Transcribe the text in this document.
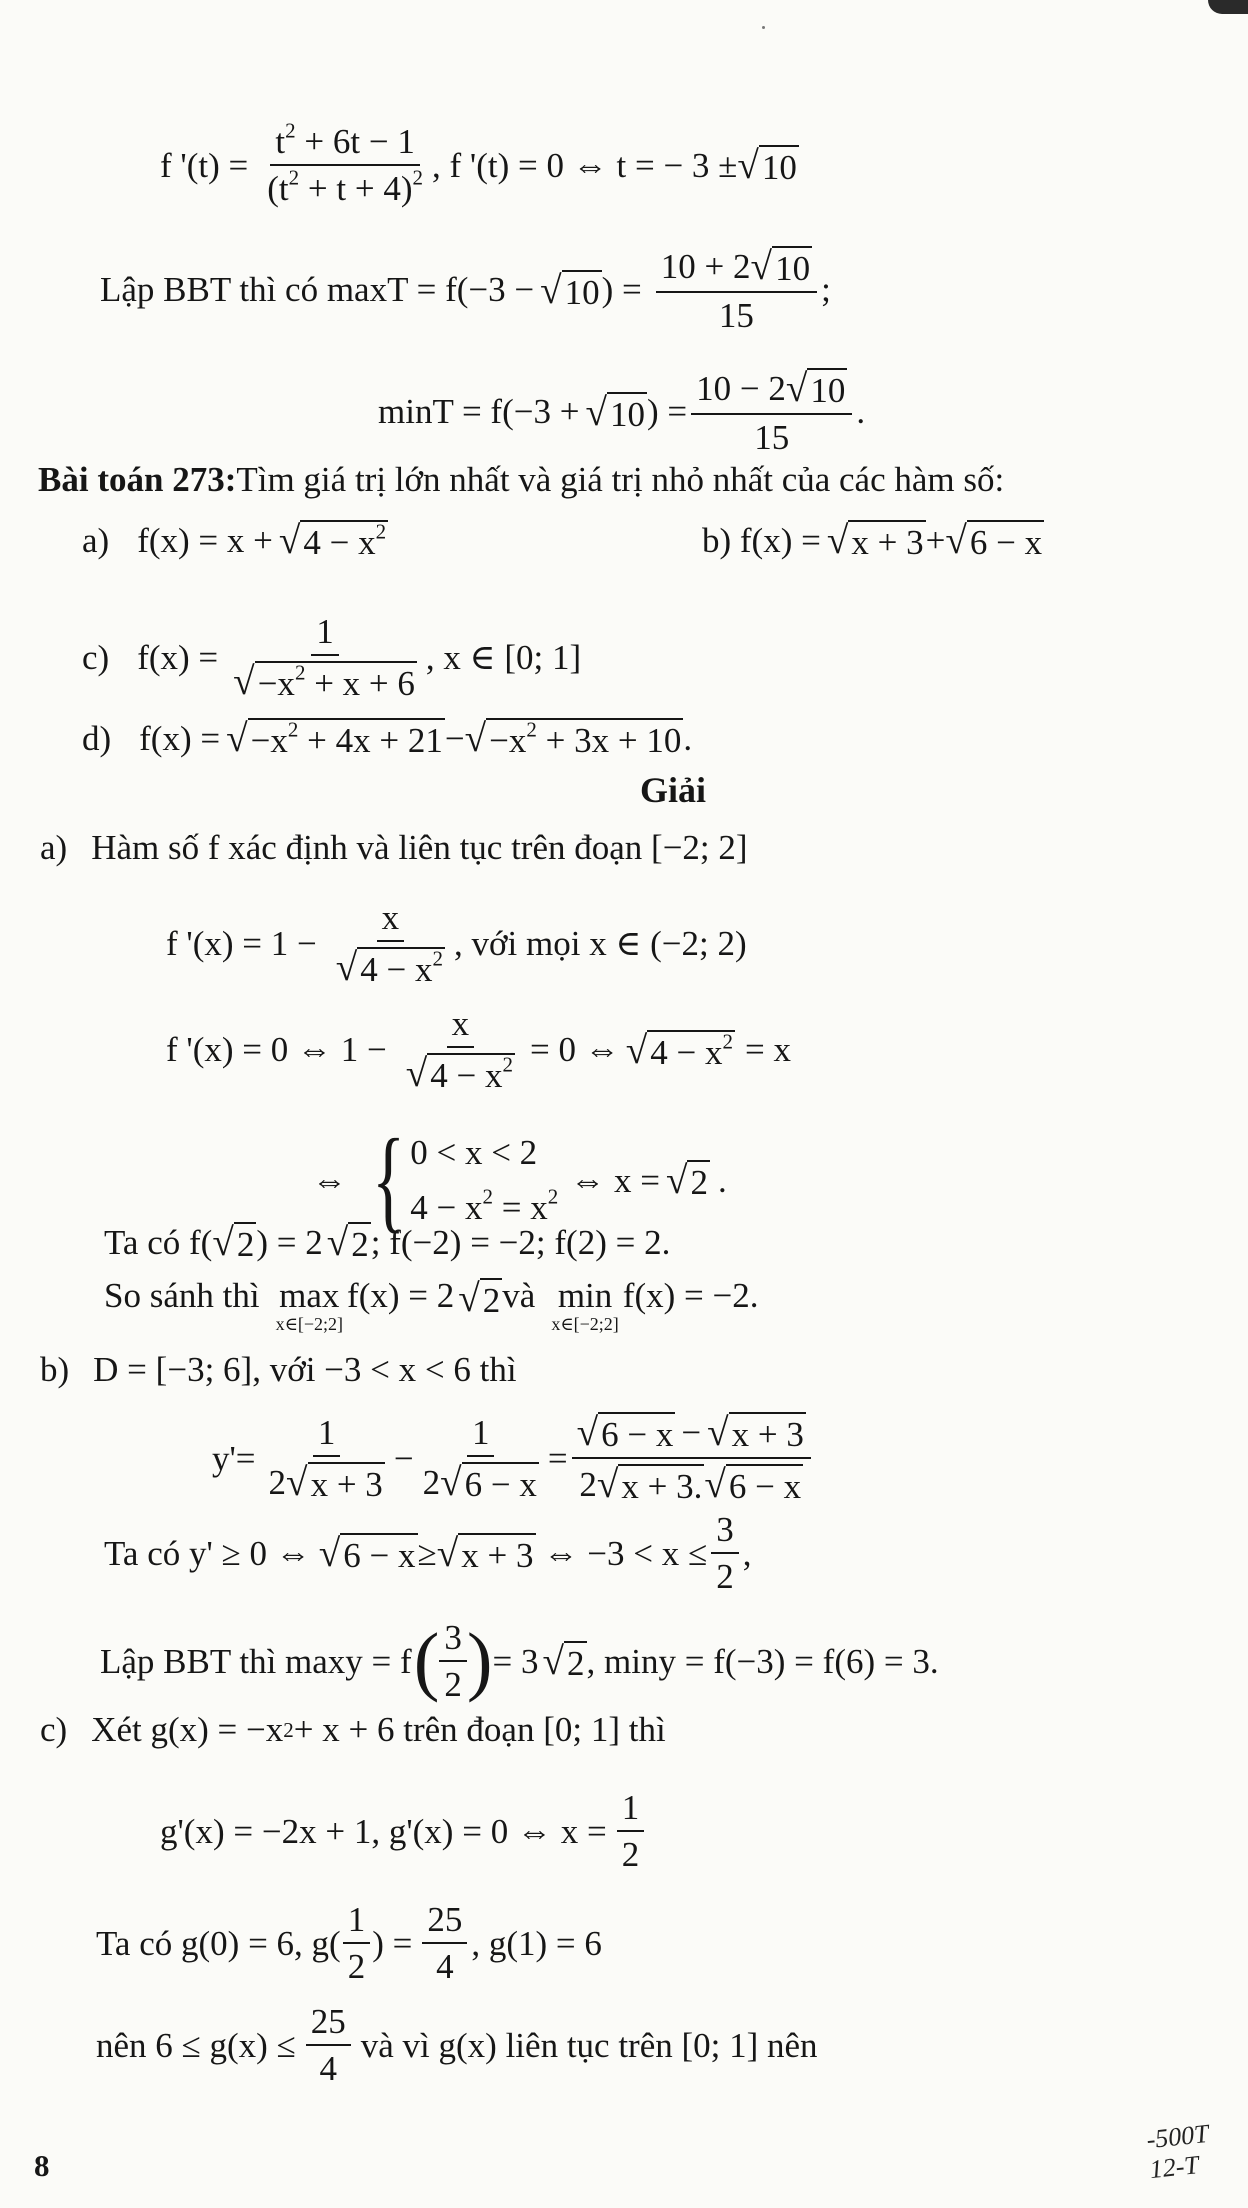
f '$(t) = \frac{t^2 + 6t - 1}{(t^2 + t + 4)^2}$ , f '(t) = 0 ⇔ t = − 3 ± √ 10
Lập BBT thì có maxT = f(−3 − √ 10 ) = $\frac{10 + 2 √ 10}{15}$ ;
minT = f(−3 + √ 10 ) = $\frac{10 - 2 √ 10}{15}$ .
Bài toán 273: Tìm giá trị lớn nhất và giá trị nhỏ nhất của các hàm số:
a) f(x) = x + √ $4 - x^2$	b) f(x) = √ x + 3 + √ 6 − x
c) $f(x) = \frac{1}{√ -x^2 + x + 6}$ , x ∈ [0; 1]
d) f(x) = √ $-x^2 + 4x + 21$ − √ $-x^2 + 3x + 10$ .
Giải
a) Hàm số f xác định và liên tục trên đoạn [−2; 2]
f '$(x) = 1 - \frac{x}{√ 4 - x^2}$ , với mọi x ∈ (−2; 2)
f '(x) = 0 ⇔ $1 - \frac{x}{√ 4 - x^2} = 0$ ⇔ √ $4 - x^2 = x$
⇔ { 0 < x < 2
$4 - x^2 = x^2$ ⇔ x = √ 2 .
Ta có f( √ 2 ) = 2 √ 2 ; f(−2) = −2; f(2) = 2.
So sánh thì max
x∈[−2;2]
f(x) = 2 √ 2 và min
x∈[−2;2]
f(x) = −2.
b) D = [−3; 6], với −3 < x < 6 thì
$y'= \frac{1}{2 √ x + 3} - \frac{1}{2 √ 6 - x} = \frac{√ 6 - x - √ x + 3}{2 √ x + 3. √ 6 - x}$
Ta có y' ≥ 0 ⇔ √ 6 − x ≥ √ x + 3 ⇔ $-3 < x \le \frac{3}{2}$ ,
Lập BBT thì maxy = f ( $\frac{3}{2}$ ) = 3 √ 2 , miny = f(−3) = f(6) = 3.
c) Xét g(x) = −x 2 + x + 6 trên đoạn [0; 1] thì
g'(x) = −2x + 1, g'(x) = 0 ⇔ $x = \frac{1}{2}$
Ta có g(0) = 6, $g( \frac{1}{2}$ ) = $\frac{25}{4}$ , g(1) = 6
nên $6 \le g(x) \le \frac{25}{4}$ và vì g(x) liên tục trên [0; 1] nên
8
-500T 12-T
